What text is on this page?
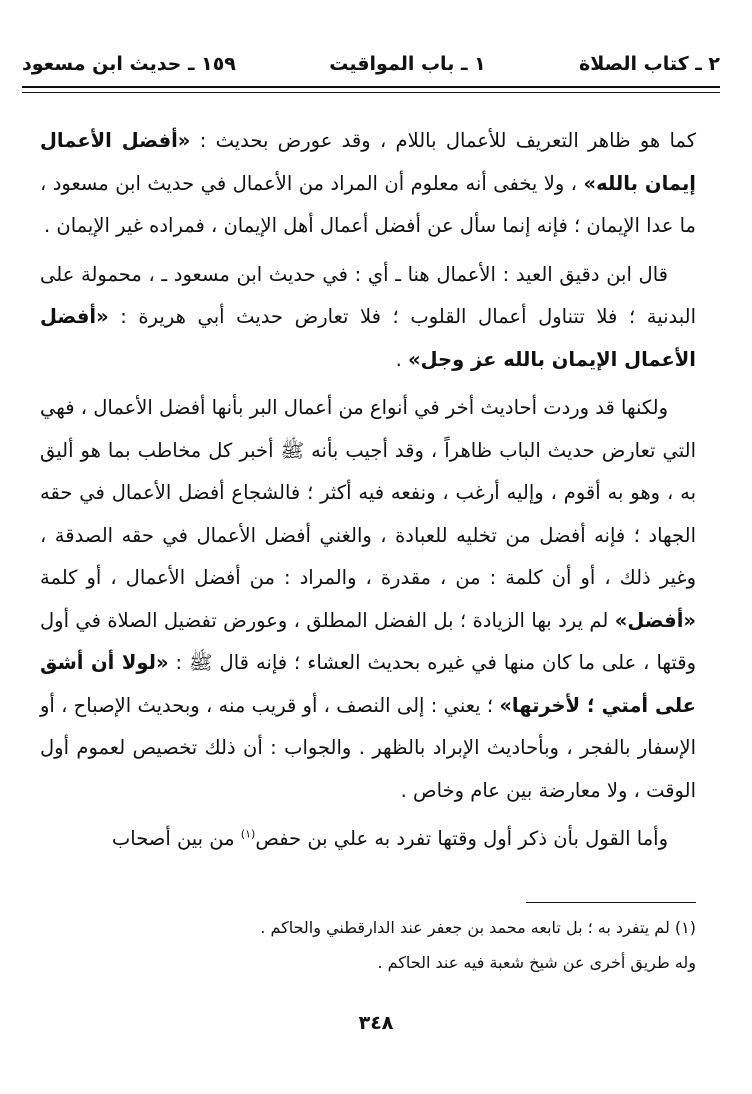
٢ ـ كتاب الصلاة
١ ـ باب المواقيت
١٥٩ ـ حديث ابن مسعود

كما هو ظاهر التعريف للأعمال باللام ، وقد عورض بحديث : «أفضل الأعمال إيمان بالله» ، ولا يخفى أنه معلوم أن المراد من الأعمال في حديث ابن مسعود ، ما عدا الإيمان ؛ فإنه إنما سأل عن أفضل أعمال أهل الإيمان ، فمراده غير الإيمان .

قال ابن دقيق العيد : الأعمال هنا ـ أي : في حديث ابن مسعود ـ ، محمولة على البدنية ؛ فلا تتناول أعمال القلوب ؛ فلا تعارض حديث أبي هريرة : «أفضل الأعمال الإيمان بالله عز وجل» .

ولكنها قد وردت أحاديث أخر في أنواع من أعمال البر بأنها أفضل الأعمال ، فهي التي تعارض حديث الباب ظاهراً ، وقد أجيب بأنه ﷺ أخبر كل مخاطب بما هو أليق به ، وهو به أقوم ، وإليه أرغب ، ونفعه فيه أكثر ؛ فالشجاع أفضل الأعمال في حقه الجهاد ؛ فإنه أفضل من تخليه للعبادة ، والغني أفضل الأعمال في حقه الصدقة ، وغير ذلك ، أو أن كلمة : من ، مقدرة ، والمراد : من أفضل الأعمال ، أو كلمة «أفضل» لم يرد بها الزيادة ؛ بل الفضل المطلق ، وعورض تفضيل الصلاة في أول وقتها ، على ما كان منها في غيره بحديث العشاء ؛ فإنه قال ﷺ : «لولا أن أشق على أمتي ؛ لأخرتها» ؛ يعني : إلى النصف ، أو قريب منه ، وبحديث الإصباح ، أو الإسفار بالفجر ، وبأحاديث الإبراد بالظهر . والجواب : أن ذلك تخصيص لعموم أول الوقت ، ولا معارضة بين عام وخاص .

وأما القول بأن ذكر أول وقتها تفرد به علي بن حفص$^{(١)}$ من بين أصحاب

(١) لم يتفرد به ؛ بل تابعه محمد بن جعفر عند الدارقطني والحاكم .
وله طريق أخرى عن شيخ شعبة فيه عند الحاكم .
٣٤٨
